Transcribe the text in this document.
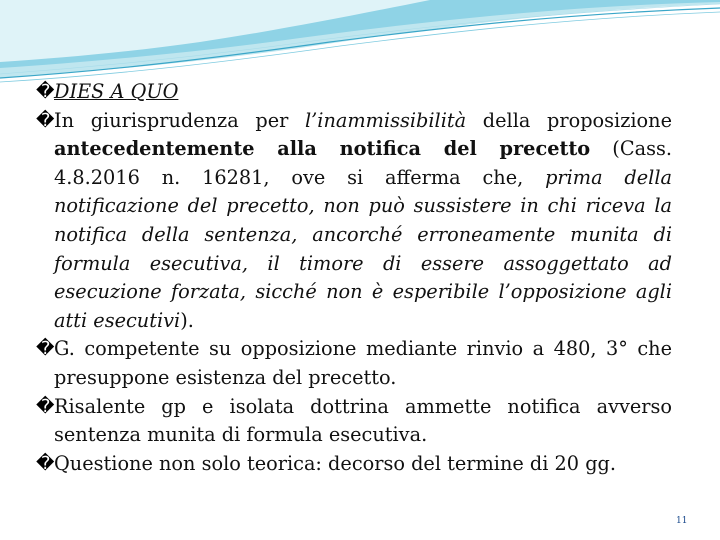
� DIES A QUO

� In giurisprudenza per l’inammissibilità della proposizione antecedentemente alla notifica del precetto (Cass. 4.8.2016 n. 16281, ove si afferma che, prima della notificazione del precetto, non può sussistere in chi riceva la notifica della sentenza, ancorché erroneamente munita di formula esecutiva, il timore di essere assoggettato ad esecuzione forzata, sicché non è esperibile l’opposizione agli atti esecutivi).

� G. competente su opposizione mediante rinvio a 480, 3° che presuppone esistenza del precetto.

� Risalente gp e isolata dottrina ammette notifica avverso sentenza munita di formula esecutiva.

� Questione non solo teorica: decorso del termine di 20 gg.

11
